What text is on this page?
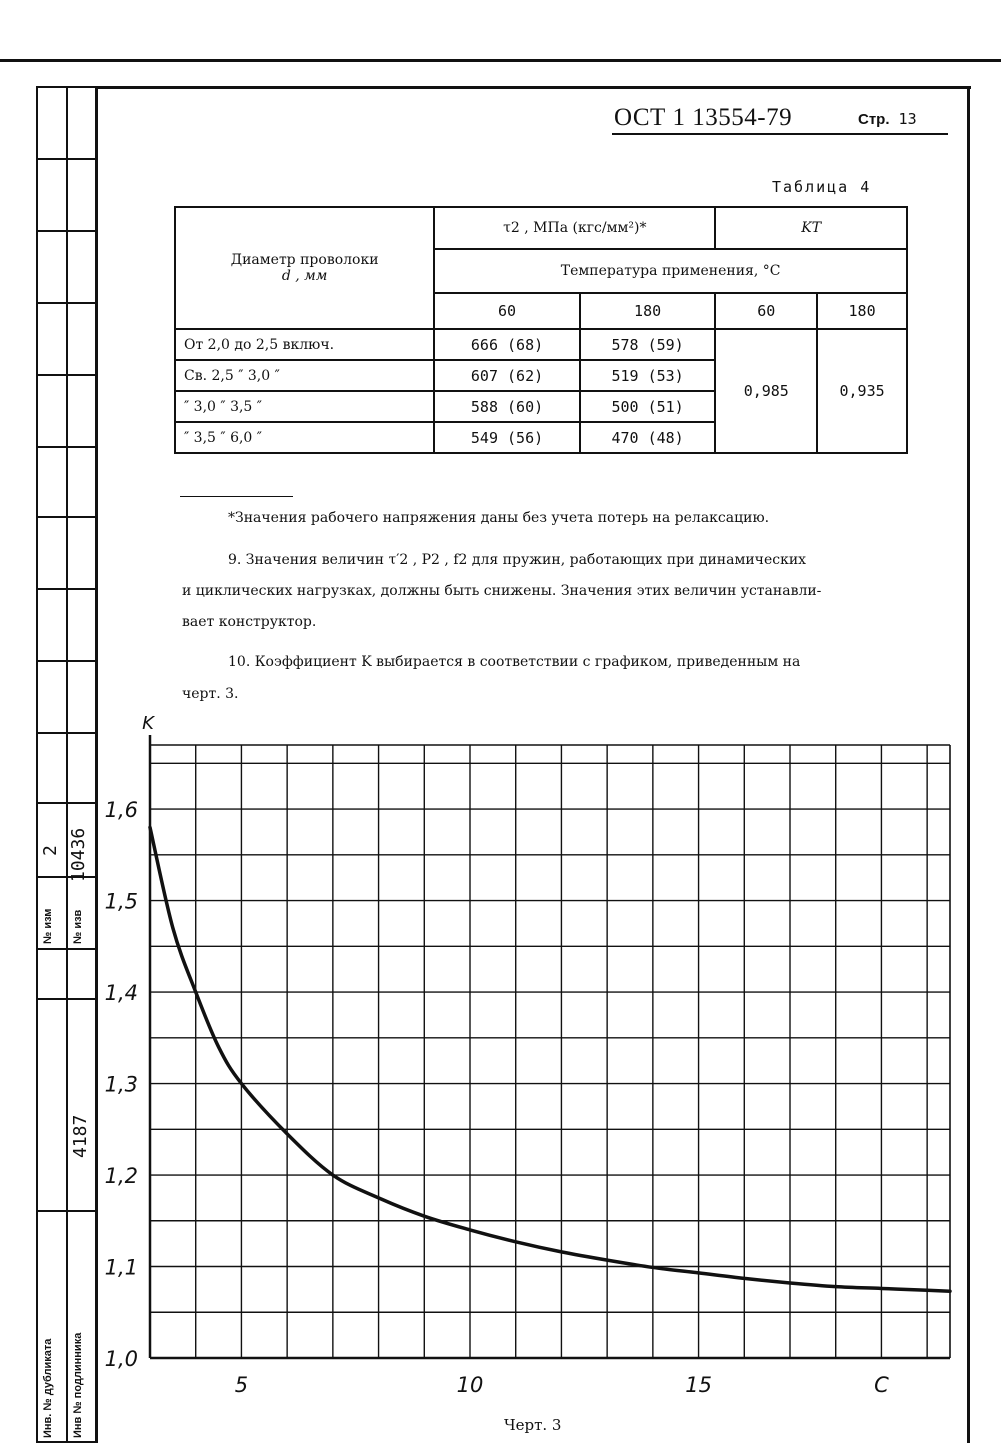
№ изм
2
№ изв
10436
4187
Инв. № дубликата Инв № подлинника
ОСТ 1 13554-79	Стр. 13
Таблица 4
Диаметр проволоки
d , мм	τ2 , МПа (кгс/мм²)*		KT	
	Температура применения, °C			
	60	180	60	180
От 2,0 до 2,5 включ.	666 (68)	578 (59)	0,985	0,935
Св. 2,5 ″ 3,0 ″	607 (62)	519 (53)		
″ 3,0 ″ 3,5 ″	588 (60)	500 (51)		
″ 3,5 ″ 6,0 ″	549 (56)	470 (48)		
*Значения рабочего напряжения даны без учета потерь на релаксацию.
9. Значения величин τ′2 , P2 , f2 для пружин, работающих при динамических
и циклических нагрузках, должны быть снижены. Значения этих величин устанавли-
вает конструктор.
10. Коэффициент K выбирается в соответствии с графиком, приведенным на
черт. 3.
1,0
1,1
1,2
1,3
1,4
1,5
1,6
5	10	15	C
K
Черт. 3
